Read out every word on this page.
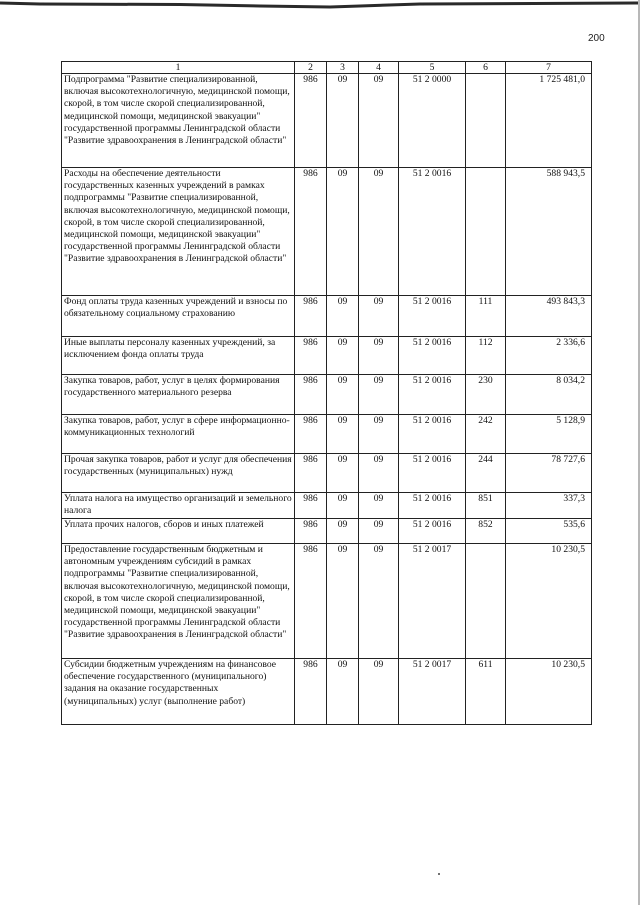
200
1	2	3	4	5	6	7
Подпрограмма "Развитие специализированной, включая высокотехнологичную, медицинской помощи, скорой, в том числе скорой специализированной, медицинской помощи, медицинской эвакуации" государственной программы Ленинградской области "Развитие здравоохранения в Ленинградской области"	986	09	09	51 2 0000		1 725 481,0
Расходы на обеспечение деятельности государственных казенных учреждений в рамках подпрограммы "Развитие специализированной, включая высокотехнологичную, медицинской помощи, скорой, в том числе скорой специализированной, медицинской помощи, медицинской эвакуации" государственной программы Ленинградской области "Развитие здравоохранения в Ленинградской области"	986	09	09	51 2 0016		588 943,5
Фонд оплаты труда казенных учреждений и взносы по обязательному социальному страхованию	986	09	09	51 2 0016	111	493 843,3
Иные выплаты персоналу казенных учреждений, за исключением фонда оплаты труда	986	09	09	51 2 0016	112	2 336,6
Закупка товаров, работ, услуг в целях формирования государственного материального резерва	986	09	09	51 2 0016	230	8 034,2
Закупка товаров, работ, услуг в сфере информационно-коммуникационных технологий	986	09	09	51 2 0016	242	5 128,9
Прочая закупка товаров, работ и услуг для обеспечения государственных (муниципальных) нужд	986	09	09	51 2 0016	244	78 727,6
Уплата налога на имущество организаций и земельного налога	986	09	09	51 2 0016	851	337,3
Уплата прочих налогов, сборов и иных платежей	986	09	09	51 2 0016	852	535,6
Предоставление государственным бюджетным и автономным учреждениям субсидий в рамках подпрограммы "Развитие специализированной, включая высокотехнологичную, медицинской помощи, скорой, в том числе скорой специализированной, медицинской помощи, медицинской эвакуации" государственной программы Ленинградской области "Развитие здравоохранения в Ленинградской области"	986	09	09	51 2 0017		10 230,5
Субсидии бюджетным учреждениям на финансовое обеспечение государственного (муниципального) задания на оказание государственных (муниципальных) услуг (выполнение работ)	986	09	09	51 2 0017	611	10 230,5
